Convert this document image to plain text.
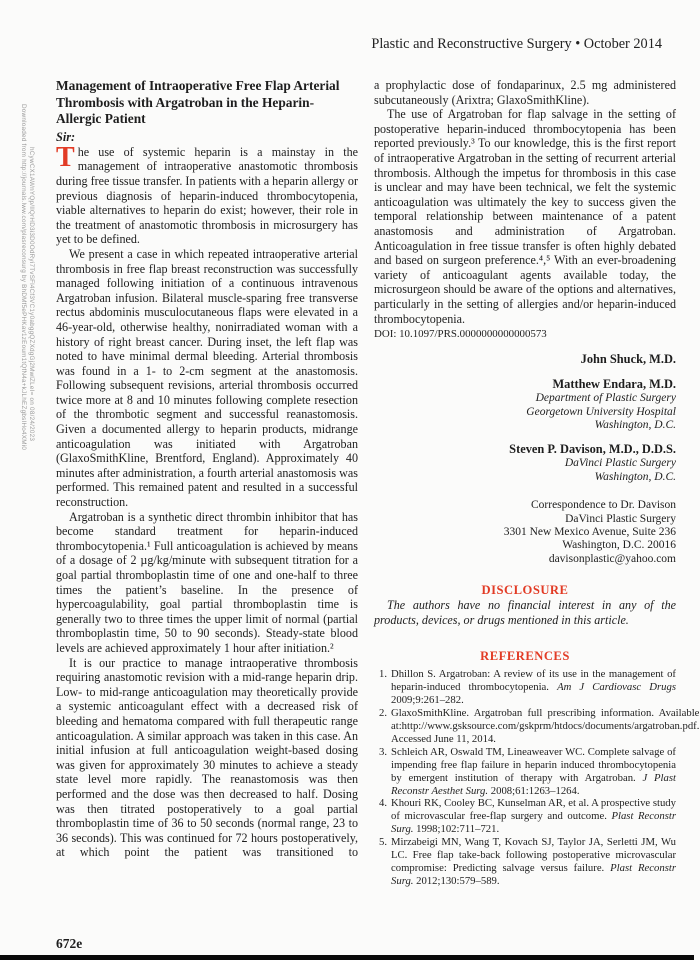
Downloaded from http://journals.lww.com/plasreconsurg by BhDMf5ePHKav1zEoum1tQfN4a+kJLhEZgbsIHo4XMi0 hCywCX1AWnYQp/IlQrHD3i3D0OdRyi7TvSFl4Cf3VC1y0abggQZXdgGj2MwlZLeI= on 08/24/2023
Plastic and Reconstructive Surgery • October 2014
Management of Intraoperative Free Flap Arterial Thrombosis with Argatroban in the Heparin-Allergic Patient
Sir:

The use of systemic heparin is a mainstay in the management of intraoperative anastomotic thrombosis during free tissue transfer. In patients with a heparin allergy or previous diagnosis of heparin-induced thrombocytopenia, viable alternatives to heparin do exist; however, their role in the treatment of anastomotic thrombosis in microsurgery has yet to be defined.

We present a case in which repeated intraoperative arterial thrombosis in free flap breast reconstruction was successfully managed following initiation of a continuous intravenous Argatroban infusion. Bilateral muscle-sparing free transverse rectus abdominis musculocutaneous flaps were elevated in a 46-year-old, otherwise healthy, nonirradiated woman with a history of right breast cancer. During inset, the left flap was noted to have minimal dermal bleeding. Arterial thrombosis was found in a 1- to 2-cm segment at the anastomosis. Following subsequent revisions, arterial thrombosis occurred twice more at 8 and 10 minutes following complete resection of the thrombotic segment and successful reanastomosis. Given a documented allergy to heparin products, midrange anticoagulation was initiated with Argatroban (GlaxoSmithKline, Brentford, England). Approximately 40 minutes after administration, a fourth arterial anastomosis was performed. This remained patent and resulted in a successful reconstruction.

Argatroban is a synthetic direct thrombin inhibitor that has become standard treatment for heparin-induced thrombocytopenia.¹ Full anticoagulation is achieved by means of a dosage of 2 µg/kg/minute with subsequent titration for a goal partial thromboplastin time of one and one-half to three times the patient’s baseline. In the presence of hypercoagulability, goal partial thromboplastin time is generally two to three times the upper limit of normal (partial thromboplastin time, 50 to 90 seconds). Steady-state blood levels are achieved approximately 1 hour after initiation.²

It is our practice to manage intraoperative thrombosis requiring anastomotic revision with a mid-range heparin drip. Low- to mid-range anticoagulation may theoretically provide a systemic anticoagulant effect with a decreased risk of bleeding and hematoma compared with full therapeutic range anticoagulation. A similar approach was taken in this case. An initial infusion at full anticoagulation weight-based dosing was given for approximately 30 minutes to achieve a steady state level more rapidly. The reanastomosis was then performed and the dose was then decreased to half. Dosing was then titrated postoperatively to a goal partial thromboplastin time of 36 to 50 seconds (normal range, 23 to 36 seconds). This was continued for 72 hours postoperatively, at which point the patient was transitioned to

a prophylactic dose of fondaparinux, 2.5 mg administered subcutaneously (Arixtra; GlaxoSmithKline).

The use of Argatroban for flap salvage in the setting of postoperative heparin-induced thrombocytopenia has been reported previously.³ To our knowledge, this is the first report of intraoperative Argatroban in the setting of recurrent arterial thrombosis. Although the impetus for thrombosis in this case is unclear and may have been technical, we felt the systemic anticoagulation was ultimately the key to success given the temporal relationship between maintenance of a patent anastomosis and administration of Argatroban. Anticoagulation in free tissue transfer is often highly debated and based on surgeon preference.⁴,⁵ With an ever-broadening variety of anticoagulant agents available today, the microsurgeon should be aware of the options and alternatives, particularly in the setting of allergies and/or heparin-induced thrombocytopenia.

DOI: 10.1097/PRS.0000000000000573
John Shuck, M.D.
Matthew Endara, M.D.
Department of Plastic Surgery
Georgetown University Hospital
Washington, D.C.
Steven P. Davison, M.D., D.D.S.
DaVinci Plastic Surgery
Washington, D.C.
Correspondence to Dr. Davison
DaVinci Plastic Surgery
3301 New Mexico Avenue, Suite 236
Washington, D.C. 20016
davisonplastic@yahoo.com
DISCLOSURE

The authors have no financial interest in any of the products, devices, or drugs mentioned in this article.

REFERENCES
1. Dhillon S. Argatroban: A review of its use in the management of heparin-induced thrombocytopenia. Am J Cardiovasc Drugs 2009;9:261–282.
2. GlaxoSmithKline. Argatroban full prescribing information. Available at:http://www.gsksource.com/gskprm/htdocs/documents/argatroban.pdf. Accessed June 11, 2014.
3. Schleich AR, Oswald TM, Lineaweaver WC. Complete salvage of impending free flap failure in heparin induced thrombocytopenia by emergent institution of therapy with Argatroban. J Plast Reconstr Aesthet Surg. 2008;61:1263–1264.
4. Khouri RK, Cooley BC, Kunselman AR, et al. A prospective study of microvascular free-flap surgery and outcome. Plast Reconstr Surg. 1998;102:711–721.
5. Mirzabeigi MN, Wang T, Kovach SJ, Taylor JA, Serletti JM, Wu LC. Free flap take-back following postoperative microvascular compromise: Predicting salvage versus failure. Plast Reconstr Surg. 2012;130:579–589.
672e
